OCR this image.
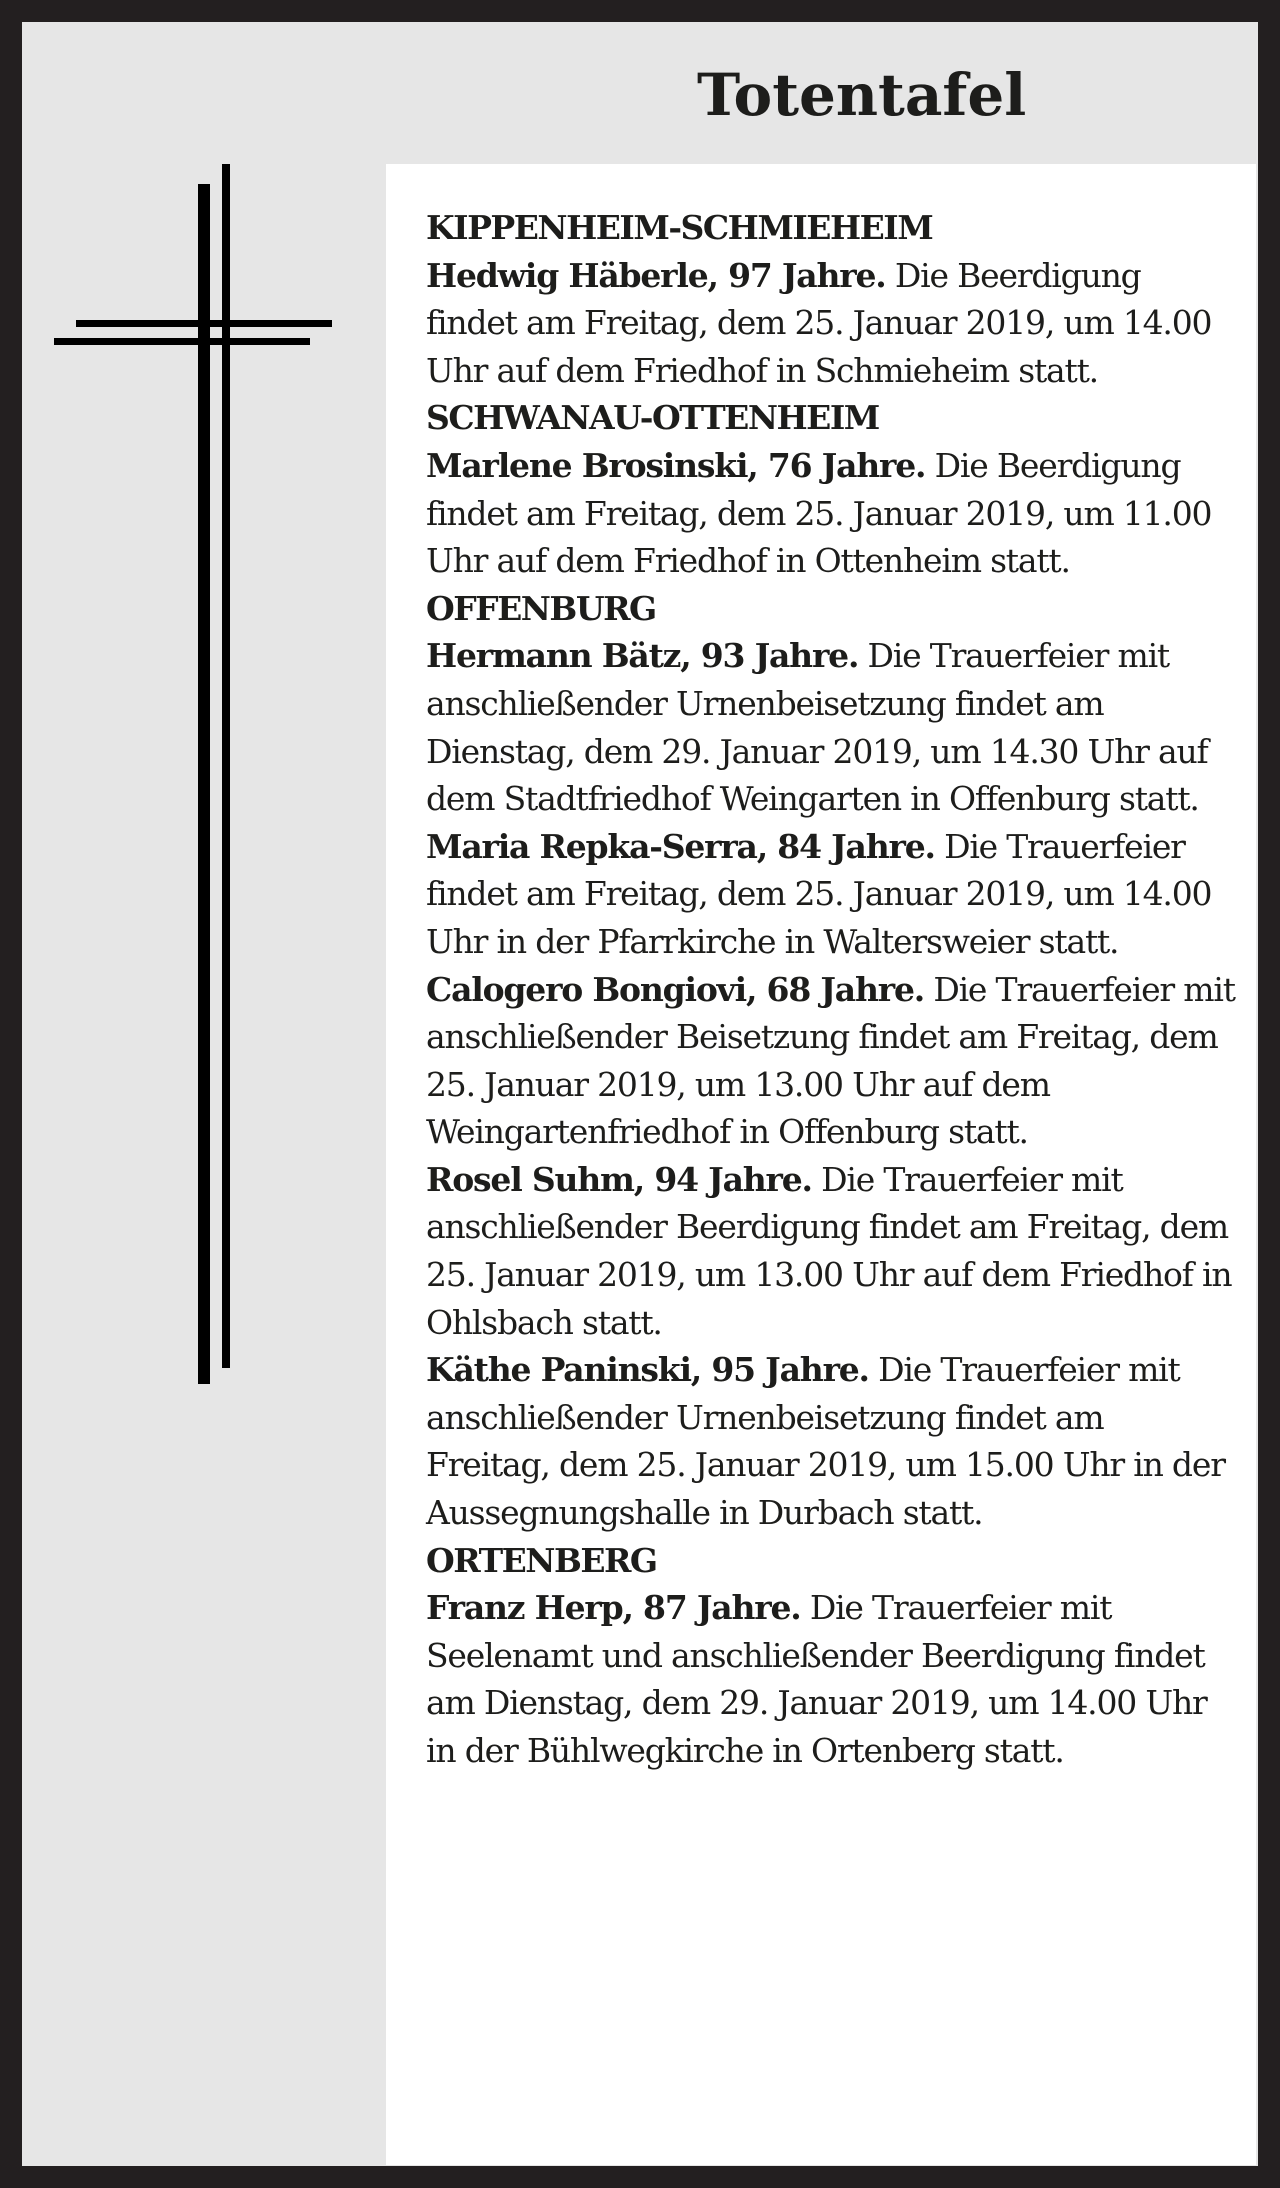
Totentafel
KIPPENHEIM-SCHMIEHEIM
Hedwig Häberle, 97 Jahre. Die Beerdigung findet am Freitag, dem 25. Januar 2019, um 14.00 Uhr auf dem Friedhof in Schmieheim statt.
SCHWANAU-OTTENHEIM
Marlene Brosinski, 76 Jahre. Die Beerdigung findet am Freitag, dem 25. Januar 2019, um 11.00 Uhr auf dem Friedhof in Ottenheim statt.
OFFENBURG
Hermann Bätz, 93 Jahre. Die Trauerfeier mit anschließender Urnenbeisetzung findet am Dienstag, dem 29. Januar 2019, um 14.30 Uhr auf dem Stadtfriedhof Weingarten in Offenburg statt.
Maria Repka-Serra, 84 Jahre. Die Trauerfeier findet am Freitag, dem 25. Januar 2019, um 14.00 Uhr in der Pfarrkirche in Waltersweier statt.
Calogero Bongiovi, 68 Jahre. Die Trauerfeier mit anschließender Beisetzung findet am Freitag, dem 25. Januar 2019, um 13.00 Uhr auf dem Weingartenfriedhof in Offenburg statt.
Rosel Suhm, 94 Jahre. Die Trauerfeier mit anschließender Beerdigung findet am Freitag, dem 25. Januar 2019, um 13.00 Uhr auf dem Friedhof in Ohlsbach statt.
Käthe Paninski, 95 Jahre. Die Trauerfeier mit anschließender Urnenbeisetzung findet am Freitag, dem 25. Januar 2019, um 15.00 Uhr in der Aussegnungshalle in Durbach statt.
ORTENBERG
Franz Herp, 87 Jahre. Die Trauerfeier mit Seelenamt und anschließender Beerdigung findet am Dienstag, dem 29. Januar 2019, um 14.00 Uhr in der Bühlwegkirche in Ortenberg statt.
